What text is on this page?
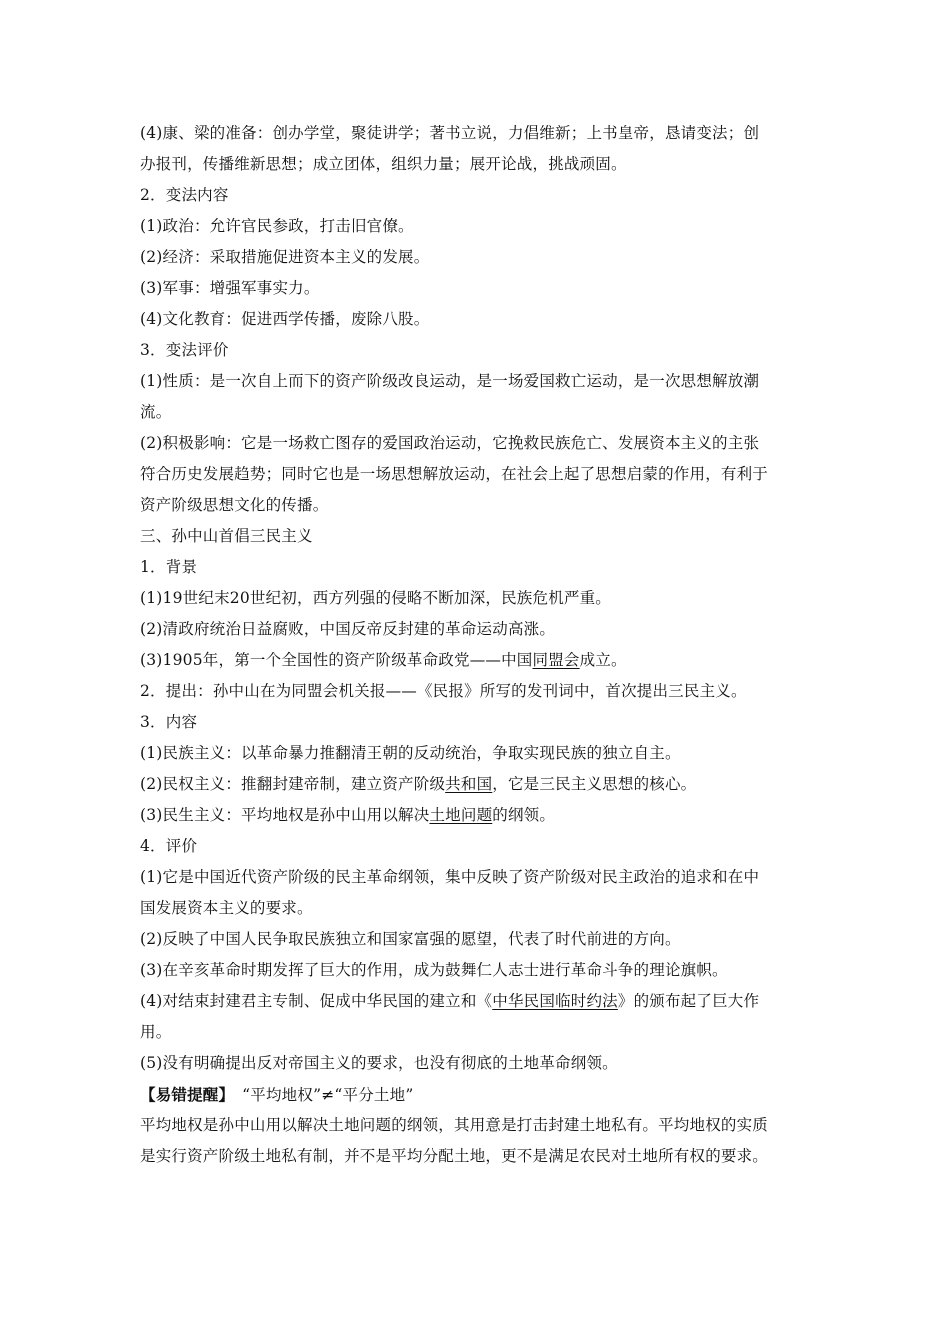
(4)康、梁的准备：创办学堂，聚徒讲学；著书立说，力倡维新；上书皇帝，恳请变法；创
办报刊，传播维新思想；成立团体，组织力量；展开论战，挑战顽固。
2．变法内容
(1)政治：允许官民参政，打击旧官僚。
(2)经济：采取措施促进资本主义的发展。
(3)军事：增强军事实力。
(4)文化教育：促进西学传播，废除八股。
3．变法评价
(1)性质：是一次自上而下的资产阶级改良运动，是一场爱国救亡运动，是一次思想解放潮
流。
(2)积极影响：它是一场救亡图存的爱国政治运动，它挽救民族危亡、发展资本主义的主张
符合历史发展趋势；同时它也是一场思想解放运动，在社会上起了思想启蒙的作用，有利于
资产阶级思想文化的传播。
三、孙中山首倡三民主义
1．背景
(1)19世纪末20世纪初，西方列强的侵略不断加深，民族危机严重。
(2)清政府统治日益腐败，中国反帝反封建的革命运动高涨。
(3)1905年，第一个全国性的资产阶级革命政党——中国同盟会成立。
2．提出：孙中山在为同盟会机关报——《民报》所写的发刊词中，首次提出三民主义。
3．内容
(1)民族主义：以革命暴力推翻清王朝的反动统治，争取实现民族的独立自主。
(2)民权主义：推翻封建帝制，建立资产阶级共和国，它是三民主义思想的核心。
(3)民生主义：平均地权是孙中山用以解决土地问题的纲领。
4．评价
(1)它是中国近代资产阶级的民主革命纲领，集中反映了资产阶级对民主政治的追求和在中
国发展资本主义的要求。
(2)反映了中国人民争取民族独立和国家富强的愿望，代表了时代前进的方向。
(3)在辛亥革命时期发挥了巨大的作用，成为鼓舞仁人志士进行革命斗争的理论旗帜。
(4)对结束封建君主专制、促成中华民国的建立和《中华民国临时约法》的颁布起了巨大作
用。
(5)没有明确提出反对帝国主义的要求，也没有彻底的土地革命纲领。
【易错提醒】　“平均地权”≠“平分土地”
平均地权是孙中山用以解决土地问题的纲领，其用意是打击封建土地私有。平均地权的实质
是实行资产阶级土地私有制，并不是平均分配土地，更不是满足农民对土地所有权的要求。
